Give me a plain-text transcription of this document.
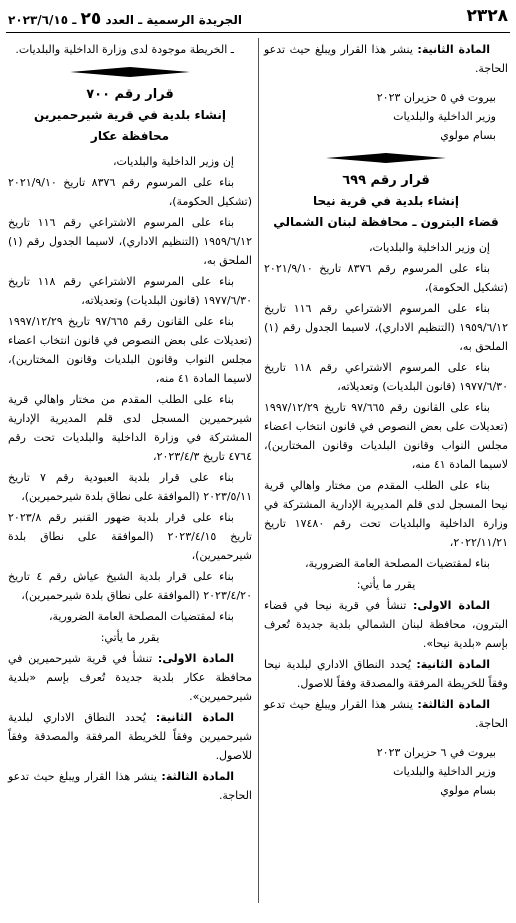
٢٣٢٨
الجريدة الرسمية ـ العدد ٢٥ ـ ٢٠٢٣/٦/١٥

المادة الثانية: ينشر هذا القرار ويبلغ حيث تدعو الحاجة.

بيروت في ٥ حزيران ٢٠٢٣

وزير الداخلية والبلديات

بسام مولوي

قرار رقم ٦٩٩
إنشاء بلدية في قرية نيحا
قضاء البترون ـ محافظة لبنان الشمالي

إن وزير الداخلية والبلديات،

بناء على المرسوم رقم ٨٣٧٦ تاريخ ٢٠٢١/٩/١٠ (تشكيل الحكومة)،

بناء على المرسوم الاشتراعي رقم ١١٦ تاريخ ١٩٥٩/٦/١٢ (التنظيم الاداري)، لاسيما الجدول رقم (١) الملحق به،

بناء على المرسوم الاشتراعي رقم ١١٨ تاريخ ١٩٧٧/٦/٣٠ (قانون البلديات) وتعديلاته،

بناء على القانون رقم ٩٧/٦٦٥ تاريخ ١٩٩٧/١٢/٢٩ (تعديلات على بعض النصوص في قانون انتخاب اعضاء مجلس النواب وقانون البلديات وقانون المختارين)، لاسيما المادة ٤١ منه،

بناء على الطلب المقدم من مختار واهالي قرية نيحا المسجل لدى قلم المديرية الإدارية المشتركة في وزارة الداخلية والبلديات تحت رقم ١٧٤٨٠ تاريخ ٢٠٢٢/١١/٢١،

بناء لمقتضيات المصلحة العامة الضرورية،

يقرر ما يأتي:

المادة الاولى: تنشأ في قرية نيحا في قضاء البترون، محافظة لبنان الشمالي بلدية جديدة تُعرف بإسم «بلدية نيحا».

المادة الثانية: يُحدد النطاق الاداري لبلدية نيحا وفقاً للخريطة المرفقة والمصدقة وفقاً للاصول.

المادة الثالثة: ينشر هذا القرار ويبلغ حيث تدعو الحاجة.

بيروت في ٦ حزيران ٢٠٢٣

وزير الداخلية والبلديات

بسام مولوي

ـ الخريطة موجودة لدى وزارة الداخلية والبلديات.

قرار رقم ٧٠٠
إنشاء بلدية في قرية شيرحميرين
محافظة عكار

إن وزير الداخلية والبلديات،

بناء على المرسوم رقم ٨٣٧٦ تاريخ ٢٠٢١/٩/١٠ (تشكيل الحكومة)،

بناء على المرسوم الاشتراعي رقم ١١٦ تاريخ ١٩٥٩/٦/١٢ (التنظيم الاداري)، لاسيما الجدول رقم (١) الملحق به،

بناء على المرسوم الاشتراعي رقم ١١٨ تاريخ ١٩٧٧/٦/٣٠ (قانون البلديات) وتعديلاته،

بناء على القانون رقم ٩٧/٦٦٥ تاريخ ١٩٩٧/١٢/٢٩ (تعديلات على بعض النصوص في قانون انتخاب اعضاء مجلس النواب وقانون البلديات وقانون المختارين)، لاسيما المادة ٤١ منه،

بناء على الطلب المقدم من مختار واهالي قرية شيرحميرين المسجل لدى قلم المديرية الإدارية المشتركة في وزارة الداخلية والبلديات تحت رقم ٤٧٦٤ تاريخ ٢٠٢٣/٤/٣،

بناء على قرار بلدية العبودية رقم ٧ تاريخ ٢٠٢٣/٥/١١ (الموافقة على نطاق بلدة شيرحميرين)،

بناء على قرار بلدية ضهور القنبر رقم ٢٠٢٣/٨ تاريخ ٢٠٢٣/٤/١٥ (الموافقة على نطاق بلدة شيرحميرين)،

بناء على قرار بلدية الشيخ عياش رقم ٤ تاريخ ٢٠٢٣/٤/٢٠ (الموافقة على نطاق بلدة شيرحميرين)،

بناء لمقتضيات المصلحة العامة الضرورية،

يقرر ما يأتي:

المادة الاولى: تنشأ في قرية شيرحميرين في محافظة عكار بلدية جديدة تُعرف بإسم «بلدية شيرحميرين».

المادة الثانية: يُحدد النطاق الاداري لبلدية شيرحميرين وفقاً للخريطة المرفقة والمصدقة وفقاً للاصول.

المادة الثالثة: ينشر هذا القرار ويبلغ حيث تدعو الحاجة.
